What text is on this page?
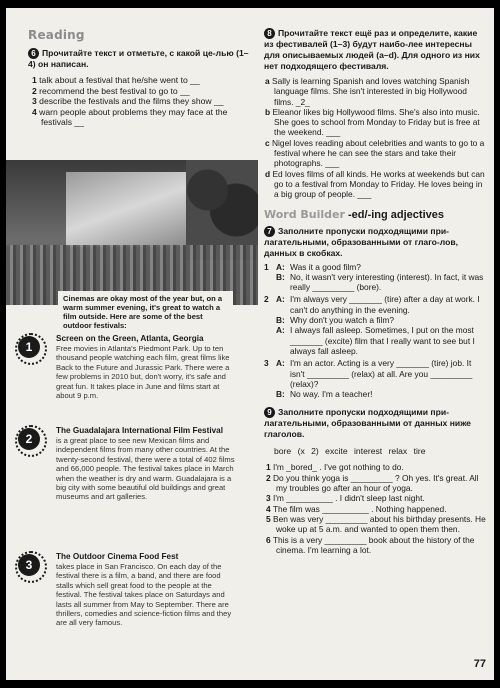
Reading
6 Прочитайте текст и отметьте, с какой це-лью (1–4) он написан.
1 talk about a festival that he/she went to __
2 recommend the best festival to go to __
3 describe the festivals and the films they show __
4 warn people about problems they may face at the festivals __
Cinemas are okay most of the year but, on a warm summer evening, it's great to watch a film outside. Here are some of the best outdoor festivals:
1
Screen on the Green, Atlanta, Georgia
Free movies in Atlanta's Piedmont Park. Up to ten thousand people watching each film, great films like Back to the Future and Jurassic Park. There were a few problems in 2010 but, don't worry, it's safe and great fun. It takes place in June and films start at about 9 p.m.
2
The Guadalajara International Film Festival
is a great place to see new Mexican films and independent films from many other countries. At the twenty-second festival, there were a total of 402 films and 66,000 people. The festival takes place in March when the weather is dry and warm. Guadalajara is a big city with some beautiful old buildings and great museums and art galleries.
3
The Outdoor Cinema Food Fest
takes place in San Francisco. On each day of the festival there is a film, a band, and there are food stalls which sell great food to the people at the festival. The festival takes place on Saturdays and lasts all summer from May to September. There are thrillers, comedies and science-fiction films and they are all very famous.
8 Прочитайте текст ещё раз и определите, какие из фестивалей (1–3) будут наибо-лее интересны для описываемых людей (a–d). Для одного из них нет подходящего фестиваля.
a Sally is learning Spanish and loves watching Spanish language films. She isn't interested in big Hollywood films. _2_
b Eleanor likes big Hollywood films. She's also into music. She goes to school from Monday to Friday but is free at the weekend. ___
c Nigel loves reading about celebrities and wants to go to a festival where he can see the stars and take their photographs. ___
d Ed loves films of all kinds. He works at weekends but can go to a festival from Monday to Friday. He loves being in a big group of people. ___
Word Builder -ed/-ing adjectives
7 Заполните пропуски подходящими при-лагательными, образованными от глаго-лов, данных в скобках.
1 A: Was it a good film?
B: No, it wasn't very interesting (interest). In fact, it was really _________ (bore).
2 A: I'm always very _______ (tire) after a day at work. I can't do anything in the evening.
B: Why don't you watch a film?
A: I always fall asleep. Sometimes, I put on the most _______ (excite) film that I really want to see but I always fall asleep.
3 A: I'm an actor. Acting is a very _______ (tire) job. It isn't _________ (relax) at all. Are you _________ (relax)?
B: No way. I'm a teacher!
9 Заполните пропуски подходящими при-лагательными, образованными от данных ниже глаголов.
bore (x 2) excite interest relax tire
1 I'm _bored_ . I've got nothing to do.
2 Do you think yoga is _________ ? Oh yes. It's great. All my troubles go after an hour of yoga.
3 I'm __________ . I didn't sleep last night.
4 The film was __________ . Nothing happened.
5 Ben was very _________ about his birthday presents. He woke up at 5 a.m. and wanted to open them then.
6 This is a very _________ book about the history of the cinema. I'm learning a lot.
77
